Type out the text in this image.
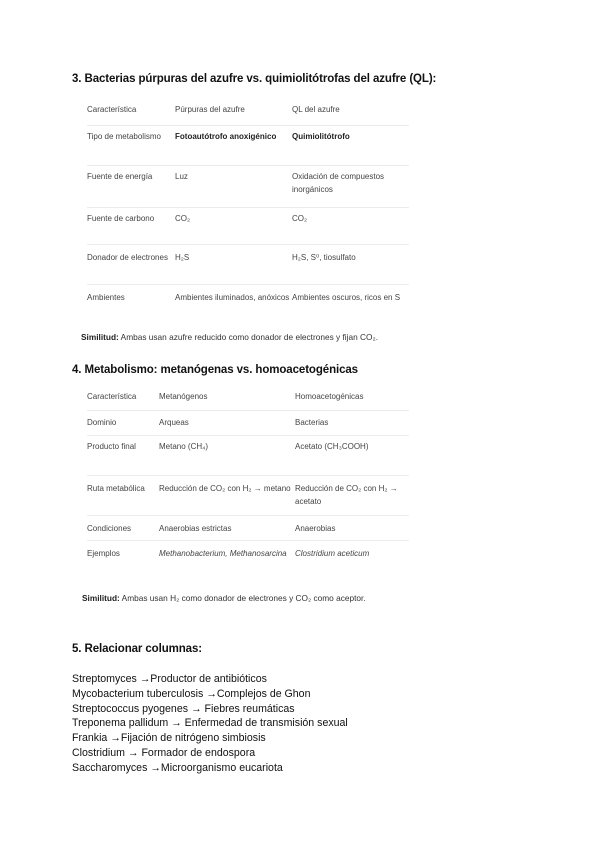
3. Bacterias púrpuras del azufre vs. quimiolitótrofas del azufre (QL):
Característica	Púrpuras del azufre	QL del azufre
Tipo de metabolismo	Fotoautótrofo anoxigénico	Quimiolitótrofo
Fuente de energía	Luz	Oxidación de compuestos inorgánicos
Fuente de carbono	CO₂	CO₂
Donador de electrones	H₂S	H₂S, S⁰, tiosulfato
Ambientes	Ambientes iluminados, anóxicos	Ambientes oscuros, ricos en S

Similitud: Ambas usan azufre reducido como donador de electrones y fijan CO₂.

4. Metabolismo: metanógenas vs. homoacetogénicas
Característica	Metanógenos	Homoacetogénicas
Dominio	Arqueas	Bacterias
Producto final	Metano (CH₄)	Acetato (CH₃COOH)
Ruta metabólica	Reducción de CO₂ con H₂ → metano	Reducción de CO₂ con H₂ → acetato
Condiciones	Anaerobias estrictas	Anaerobias
Ejemplos	Methanobacterium, Methanosarcina	Clostridium aceticum

Similitud: Ambas usan H₂ como donador de electrones y CO₂ como aceptor.

5. Relacionar columnas:
Streptomyces →Productor de antibióticos
Mycobacterium tuberculosis →Complejos de Ghon
Streptococcus pyogenes → Fiebres reumáticas
Treponema pallidum → Enfermedad de transmisión sexual
Frankia →Fijación de nitrógeno simbiosis
Clostridium → Formador de endospora
Saccharomyces →Microorganismo eucariota
